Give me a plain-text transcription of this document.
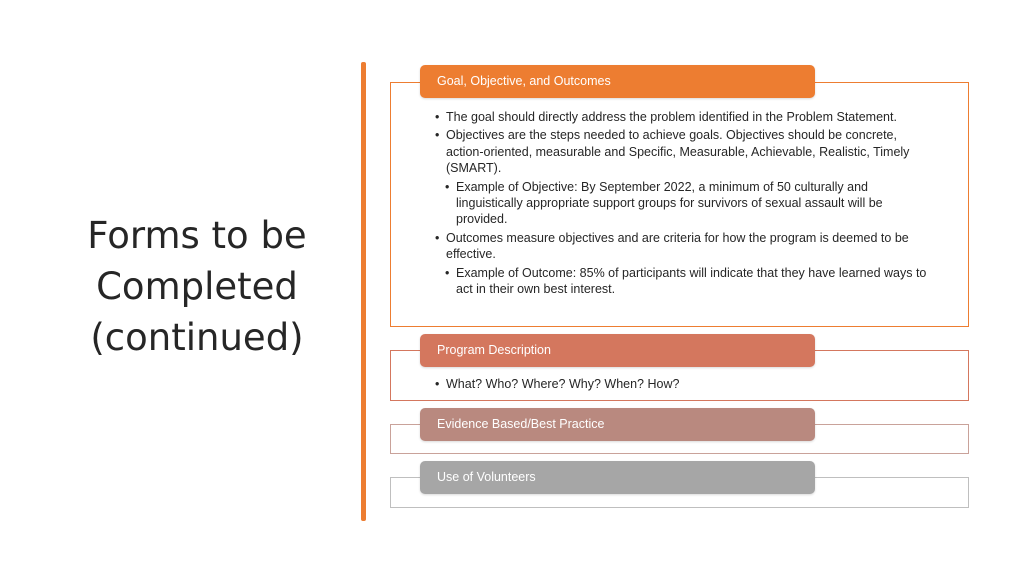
Forms to be
Completed
(continued)
• The goal should directly address the problem identified in the Problem Statement.
• Objectives are the steps needed to achieve goals. Objectives should be concrete, action-oriented, measurable and Specific, Measurable, Achievable, Realistic, Timely (SMART).
• Example of Objective: By September 2022, a minimum of 50 culturally and linguistically appropriate support groups for survivors of sexual assault will be provided.
• Outcomes measure objectives and are criteria for how the program is deemed to be effective.
• Example of Outcome: 85% of participants will indicate that they have learned ways to act in their own best interest.
Goal, Objective, and Outcomes
• What? Who? Where? Why? When? How?
Program Description
Evidence Based/Best Practice
Use of Volunteers
